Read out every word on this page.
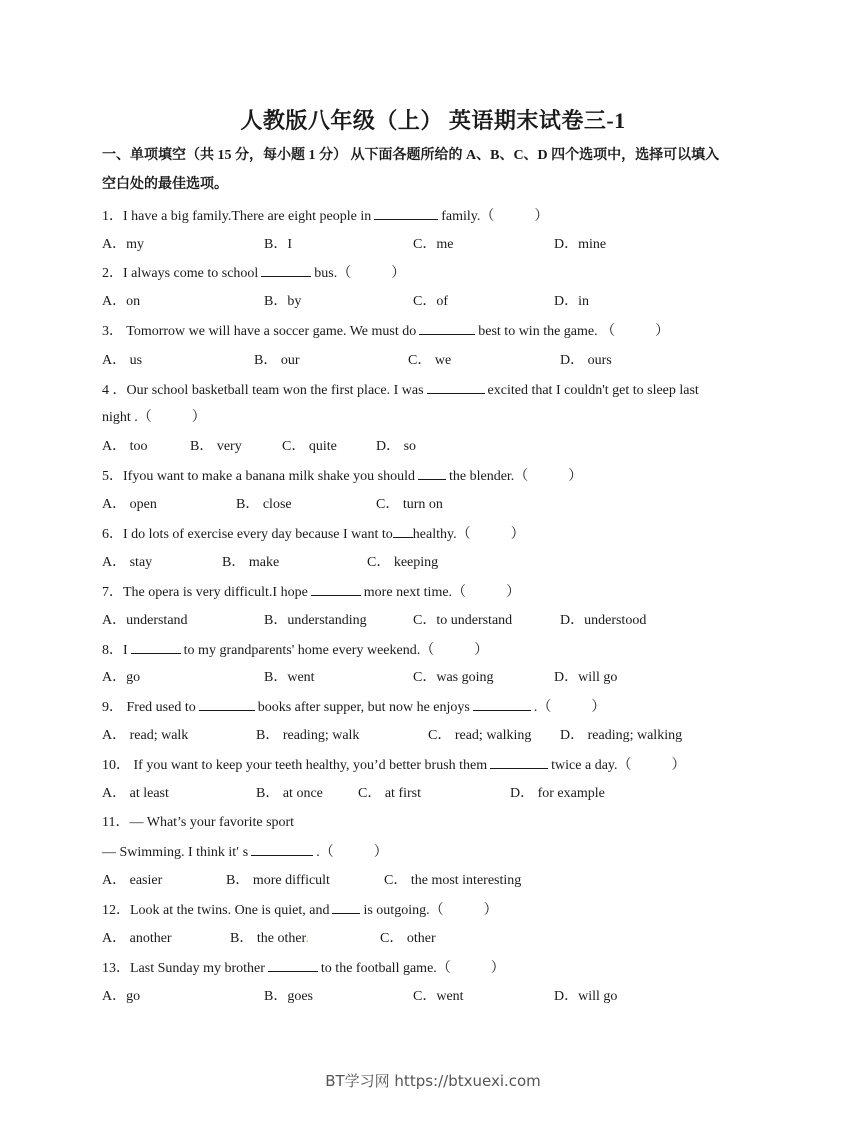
人教版八年级（上） 英语期末试卷三-1
一、单项填空（共 15 分，每小题 1 分） 从下面各题所给的 A、B、C、D 四个选项中，选择可以填入
空白处的最佳选项。
1．I have a big family.There are eight people in	family.（	）
A．my	B．I	C．me	D．mine
2．I always come to school	bus.（	）
A．on	B．by	C．of	D．in
3． Tomorrow we will have a soccer game. We must do	best to win the game. （	）
A． us	B． our	C． we	D． ours
4 ．Our school basketball team won the first place. I was	excited that I couldn't get to sleep last
night .（	）
A． too	B． very	C． quite	D． so
5．Ifyou want to make a banana milk shake you should the blender.（	）
A． open	B． close	C． turn on
6．I do lots of exercise every day because I want to healthy.（	）
A． stay	B． make	C． keeping
7．The opera is very difficult.I hope	more next time.（	）
A．understand	B．understanding	C．to understand	D．understood
8．I	to my grandparents' home every weekend.（	）
A．go	B．went	C．was going	D．will go
9． Fred used to	books after supper, but now he enjoys	.（	）
A． read; walk	B． reading; walk	C． read; walking D． reading; walking
10． If you want to keep your teeth healthy, you’d better brush them	twice a day.（	）
A． at least	B． at once	C． at first	D． for example
11．— What’s your favorite sport
— Swimming. I think it′ s	.（	）
A． easier	B． more difficult	C． the most interesting
12．Look at the twins. One is quiet, and is outgoing.（	）
A． another	B． the other.	C． other
13．Last Sunday my brother	to the football game.（	）
A．go	B．goes	C．went	D．will go
BT学习网 https://btxuexi.com
